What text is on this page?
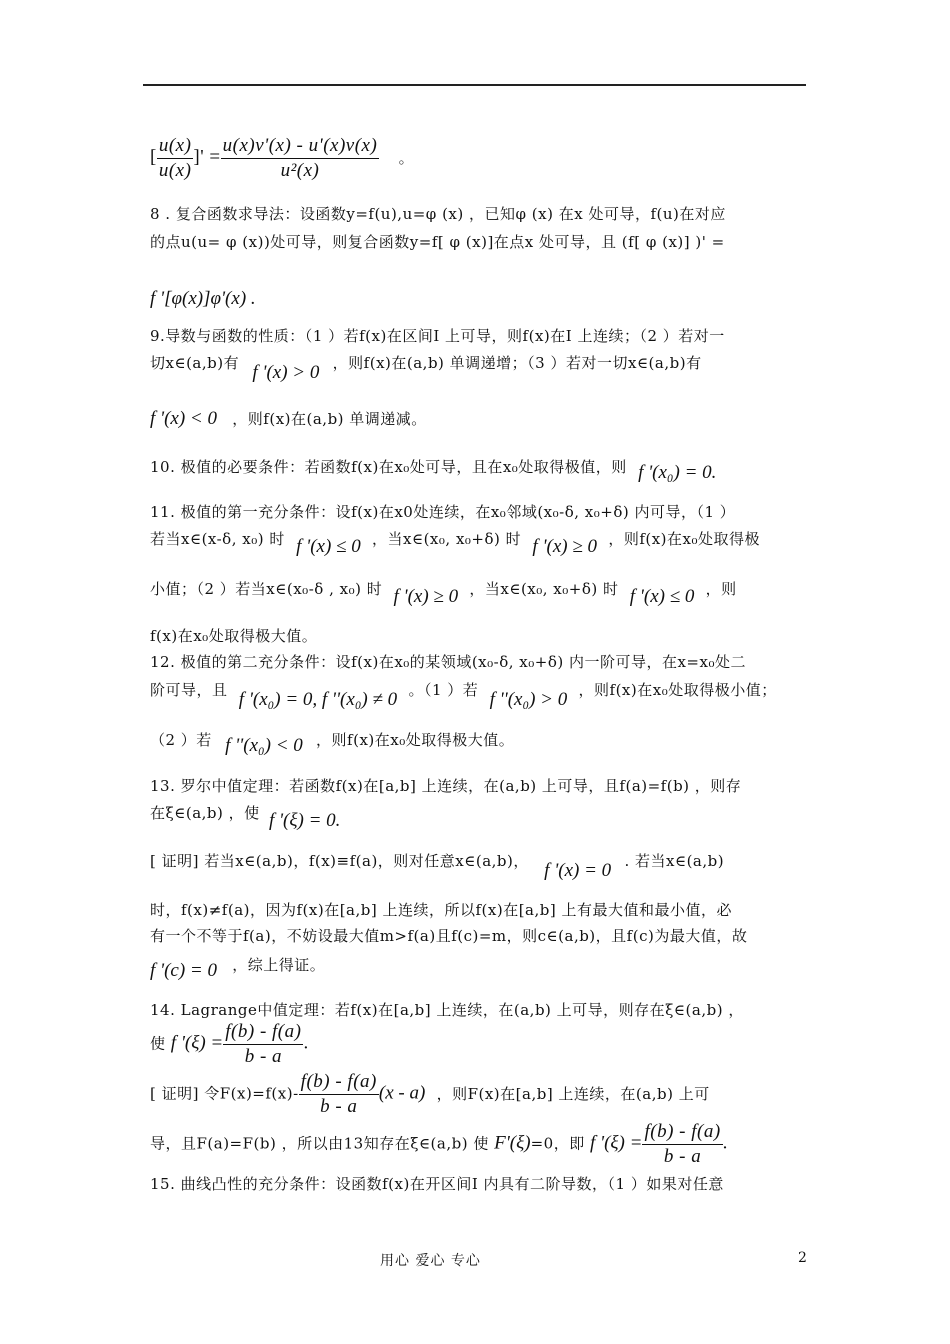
[ $\frac{u(x)}{u(x)}$ ]' = $\frac{u(x)v'(x) - u'(x)v(x)}{\text{u²(x)}}$ 。
8 . 复合函数求导法：设函数y=f(u),u=φ (x) ，已知φ (x) 在x 处可导，f(u)在对应
的点u(u= φ (x))处可导，则复合函数y=f[ φ (x)]在点x 处可导，且 (f[ φ (x)] )' =
f '[φ(x)]φ'(x) .
9.导数与函数的性质：（1 ）若f(x)在区间I 上可导，则f(x)在I 上连续；（2 ）若对一
切x∈(a,b)有 f '(x) > 0 ，则f(x)在(a,b) 单调递增；（3 ）若对一切x∈(a,b)有
f '(x) < 0 ，则f(x)在(a,b) 单调递减。
10. 极值的必要条件：若函数f(x)在x₀处可导，且在x₀处取得极值，则 f '(x₀) = 0.
11. 极值的第一充分条件：设f(x)在x0处连续，在x₀邻域(x₀-δ, x₀+δ) 内可导，（1 ）
若当x∈(x-δ, x₀) 时 f '(x) ≤ 0 ，当x∈(x₀, x₀+δ) 时 f '(x) ≥ 0 ，则f(x)在x₀处取得极
小值；（2 ）若当x∈(x₀-δ , x₀) 时 f '(x) ≥ 0 ，当x∈(x₀, x₀+δ) 时 f '(x) ≤ 0 ，则
f(x)在x₀处取得极大值。
12. 极值的第二充分条件：设f(x)在x₀的某领域(x₀-δ, x₀+δ) 内一阶可导，在x=x₀处二
阶可导，且 f '(x₀) = 0, f ''(x₀) ≠ 0 。（1 ）若 f ''(x₀) > 0 ，则f(x)在x₀处取得极小值；
（2 ）若 f ''(x₀) < 0 ，则f(x)在x₀处取得极大值。
13. 罗尔中值定理：若函数f(x)在[a,b] 上连续，在(a,b) 上可导，且f(a)=f(b) ，则存
在ξ∈(a,b) ，使 f '(ξ) = 0.
[ 证明] 若当x∈(a,b)，f(x)≡f(a)，则对任意x∈(a,b)， f '(x) = 0 . 若当x∈(a,b)
时，f(x)≠f(a)，因为f(x)在[a,b] 上连续，所以f(x)在[a,b] 上有最大值和最小值，必
有一个不等于f(a)，不妨设最大值m>f(a)且f(c)=m，则c∈(a,b)，且f(c)为最大值，故
f '(c) = 0 ，综上得证。
14. Lagrange中值定理：若f(x)在[a,b] 上连续，在(a,b) 上可导，则存在ξ∈(a,b) ，
使 f '$(\xi) = \frac{f(b) - f(a)}{b - a}$ .
[ 证明] 令$F(x)=f(x)- \frac{f(b) - f(a)}{b - a} (x - a)$ ，则F(x)在[a,b] 上连续，在(a,b) 上可
导，且F(a)=F(b) ，所以由13知存在ξ∈(a,b) 使 F'(ξ)=0，即 f '$(\xi) = \frac{f(b) - f(a)}{b - a}$ .
15. 曲线凸性的充分条件：设函数f(x)在开区间I 内具有二阶导数，（1 ）如果对任意
用心 爱心 专心	2
